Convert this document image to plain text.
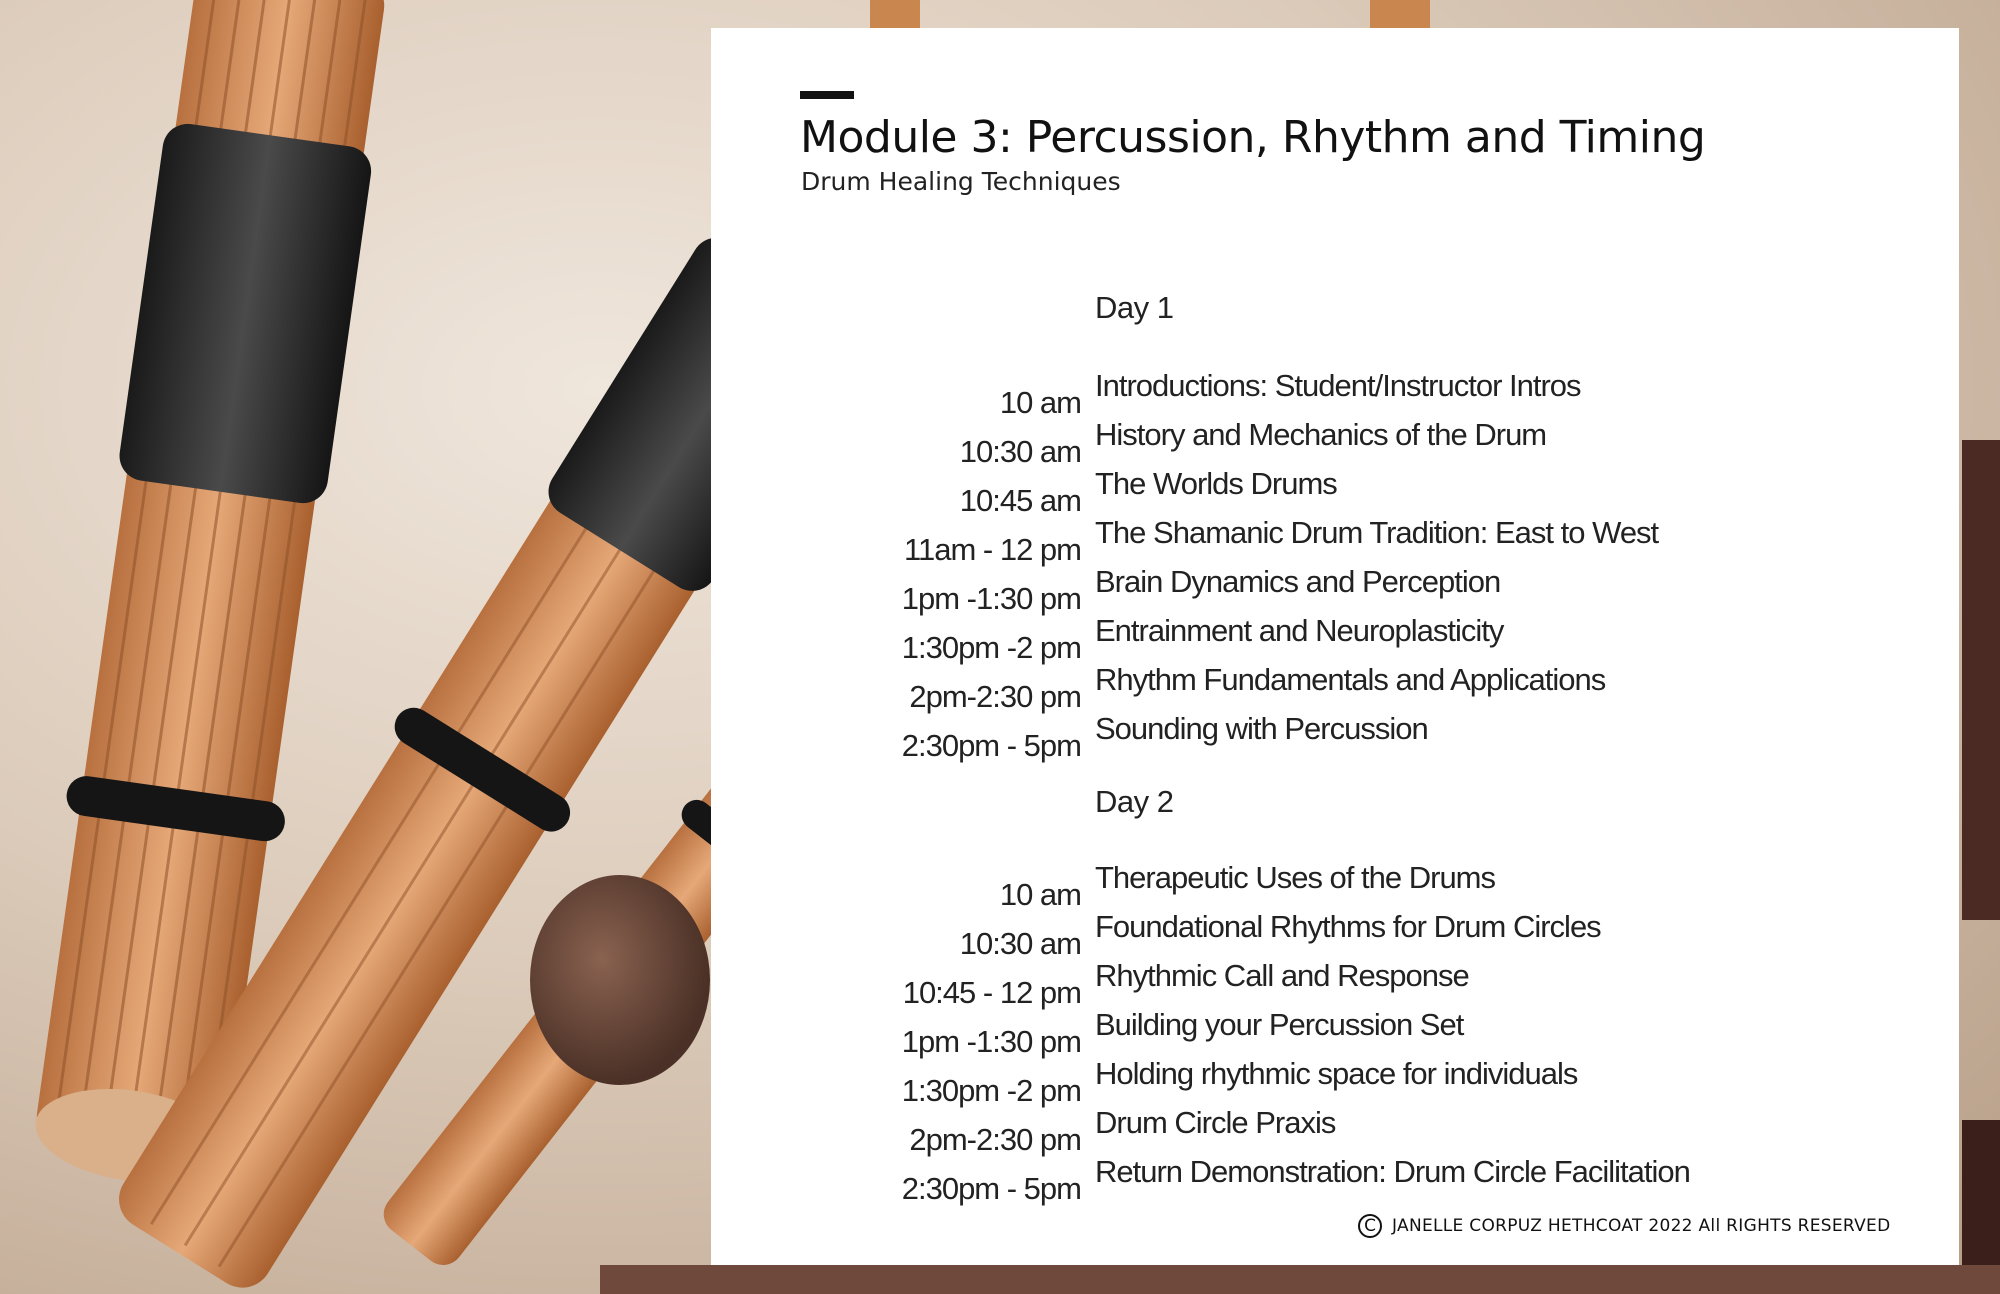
Module 3: Percussion, Rhythm and Timing
Drum Healing Techniques
Day 1
10 am Introductions: Student/Instructor Intros
10:30 am History and Mechanics of the Drum
10:45 am The Worlds Drums
11am - 12 pm The Shamanic Drum Tradition: East to West
1pm -1:30 pm Brain Dynamics and Perception
1:30pm -2 pm Entrainment and Neuroplasticity
2pm-2:30 pm Rhythm Fundamentals and Applications
2:30pm - 5pm Sounding with Percussion
Day 2
10 am Therapeutic Uses of the Drums
10:30 am Foundational Rhythms for Drum Circles
10:45 - 12 pm Rhythmic Call and Response
1pm -1:30 pm Building your Percussion Set
1:30pm -2 pm Holding rhythmic space for individuals
2pm-2:30 pm Drum Circle Praxis
2:30pm - 5pm Return Demonstration: Drum Circle Facilitation
C JANELLE CORPUZ HETHCOAT 2022 All RIGHTS RESERVED
